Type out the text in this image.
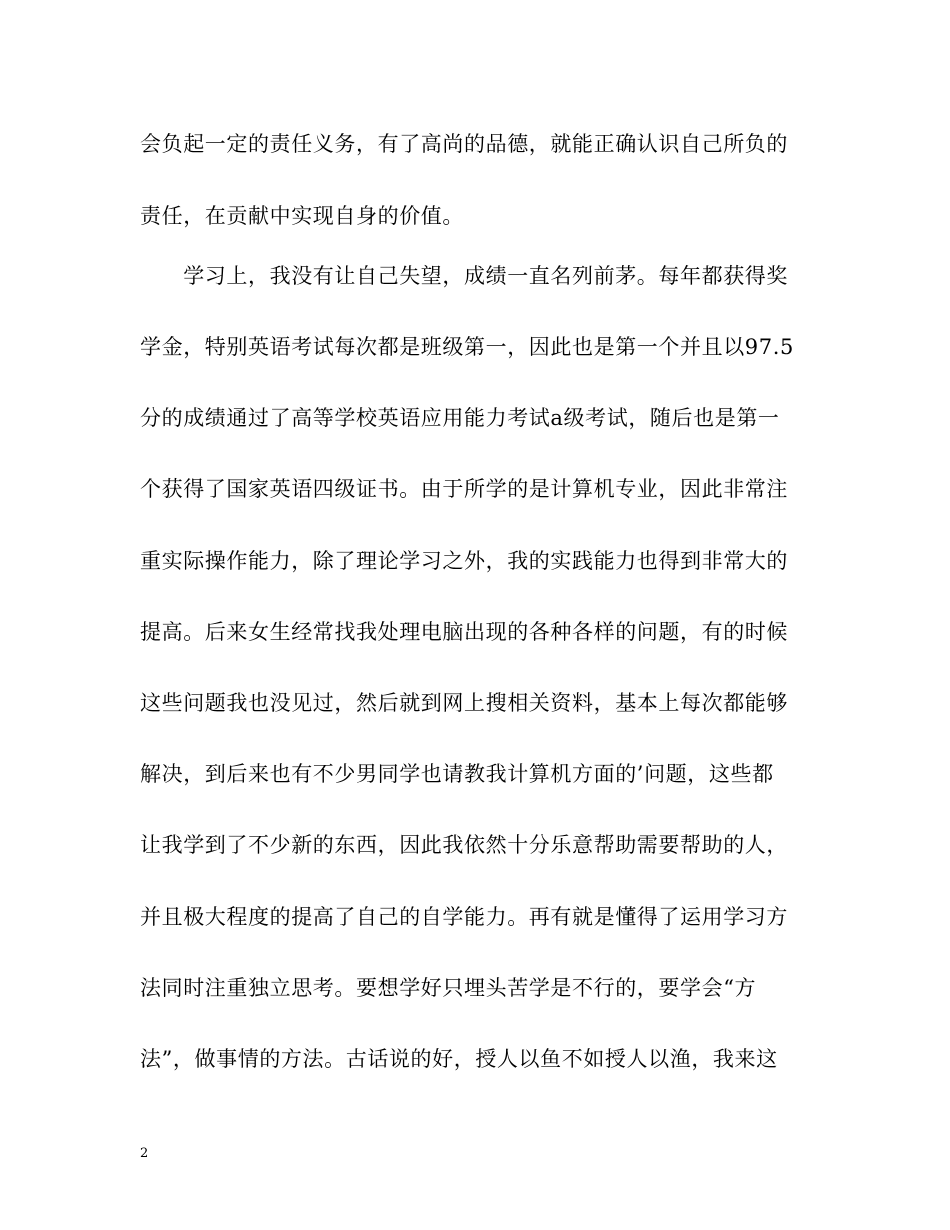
会负起一定的责任义务，有了高尚的品德，就能正确认识自己所负的
责任，在贡献中实现自身的价值。
　　学习上，我没有让自己失望，成绩一直名列前茅。每年都获得奖
学金，特别英语考试每次都是班级第一，因此也是第一个并且以97.5
分的成绩通过了高等学校英语应用能力考试a级考试，随后也是第一
个获得了国家英语四级证书。由于所学的是计算机专业，因此非常注
重实际操作能力，除了理论学习之外，我的实践能力也得到非常大的
提高。后来女生经常找我处理电脑出现的各种各样的问题，有的时候
这些问题我也没见过，然后就到网上搜相关资料，基本上每次都能够
解决，到后来也有不少男同学也请教我计算机方面的’问题，这些都
让我学到了不少新的东西，因此我依然十分乐意帮助需要帮助的人，
并且极大程度的提高了自己的自学能力。再有就是懂得了运用学习方
法同时注重独立思考。要想学好只埋头苦学是不行的，要学会“方
法”，做事情的方法。古话说的好，授人以鱼不如授人以渔，我来这
2
